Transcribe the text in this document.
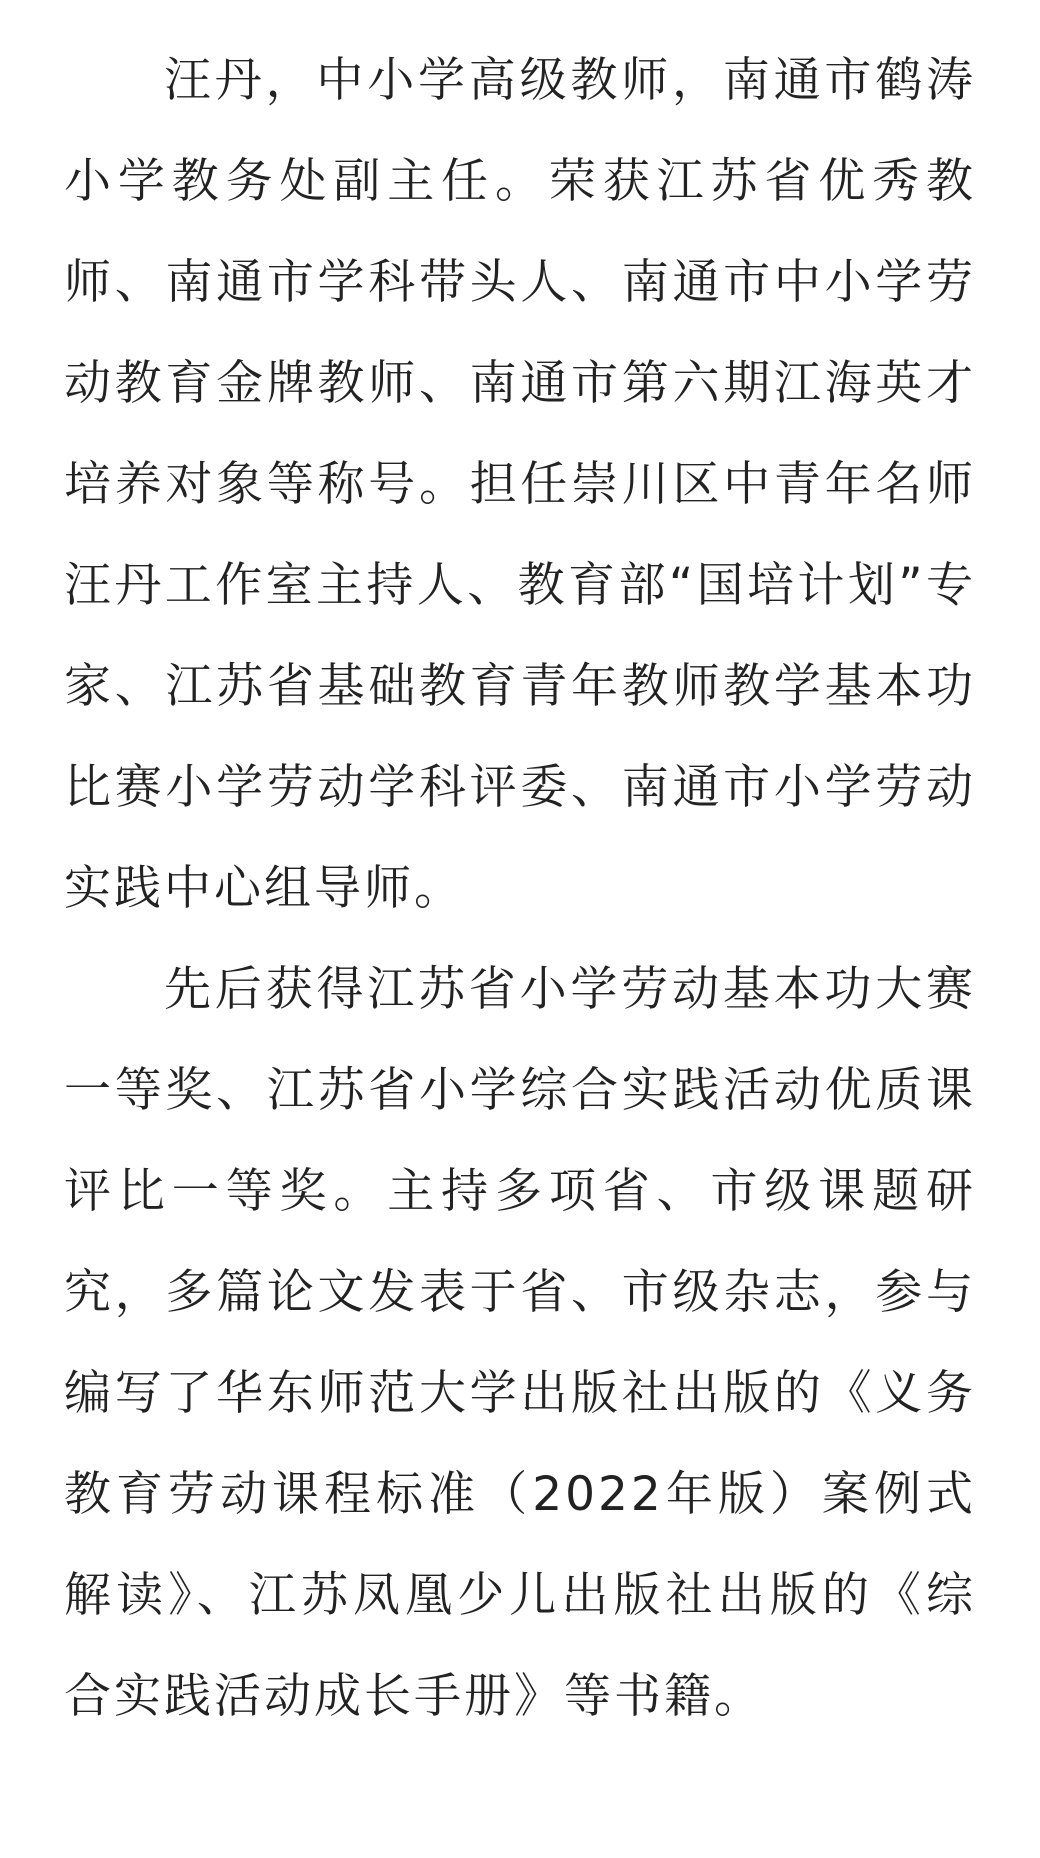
汪丹，中小学高级教师，南通市鹤涛小学教务处副主任。荣获江苏省优秀教师、南通市学科带头人、南通市中小学劳动教育金牌教师、南通市第六期江海英才培养对象等称号。担任崇川区中青年名师汪丹工作室主持人、教育部“国培计划”专家、江苏省基础教育青年教师教学基本功比赛小学劳动学科评委、南通市小学劳动实践中心组导师。

先后获得江苏省小学劳动基本功大赛一等奖、江苏省小学综合实践活动优质课评比一等奖。主持多项省、市级课题研究，多篇论文发表于省、市级杂志，参与编写了华东师范大学出版社出版的《义务教育劳动课程标准（2022年版）案例式解读》、江苏凤凰少儿出版社出版的《综合实践活动成长手册》等书籍。
